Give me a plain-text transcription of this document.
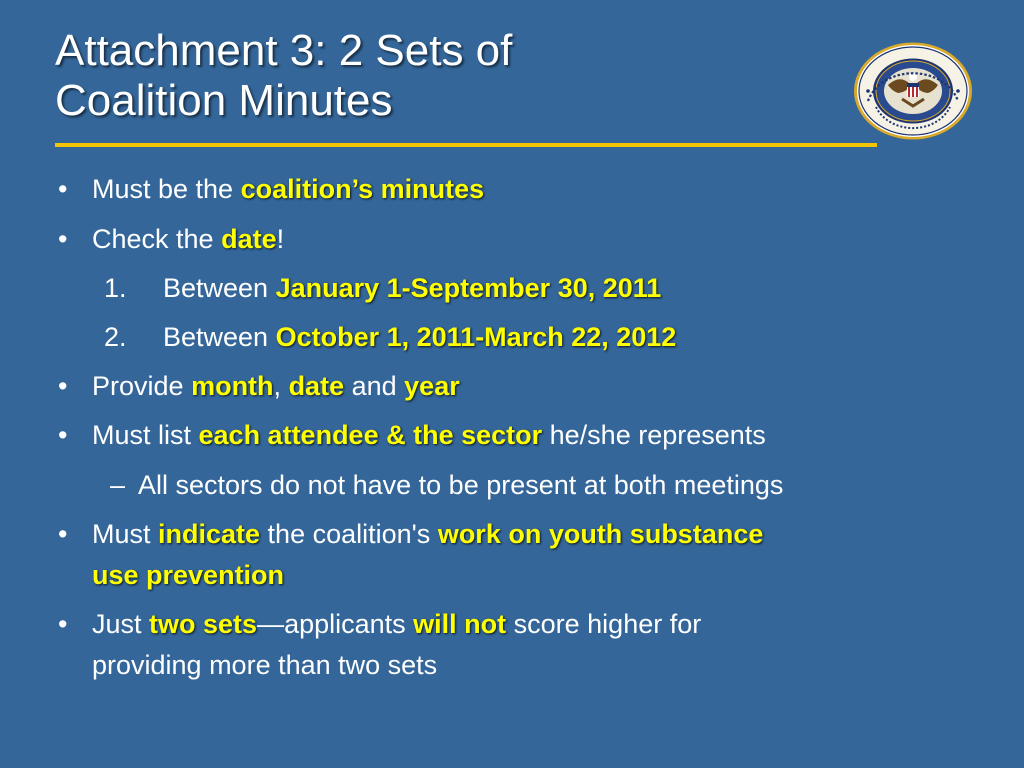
Attachment 3: 2 Sets of
Coalition Minutes
• Must be the coalition’s minutes
• Check the date!
1. Between January 1-September 30, 2011
2. Between October 1, 2011-March 22, 2012
• Provide month, date and year
• Must list each attendee & the sector he/she represents
– All sectors do not have to be present at both meetings
• Must indicate the coalition's work on youth substance
use prevention
• Just two sets—applicants will not score higher for
providing more than two sets
